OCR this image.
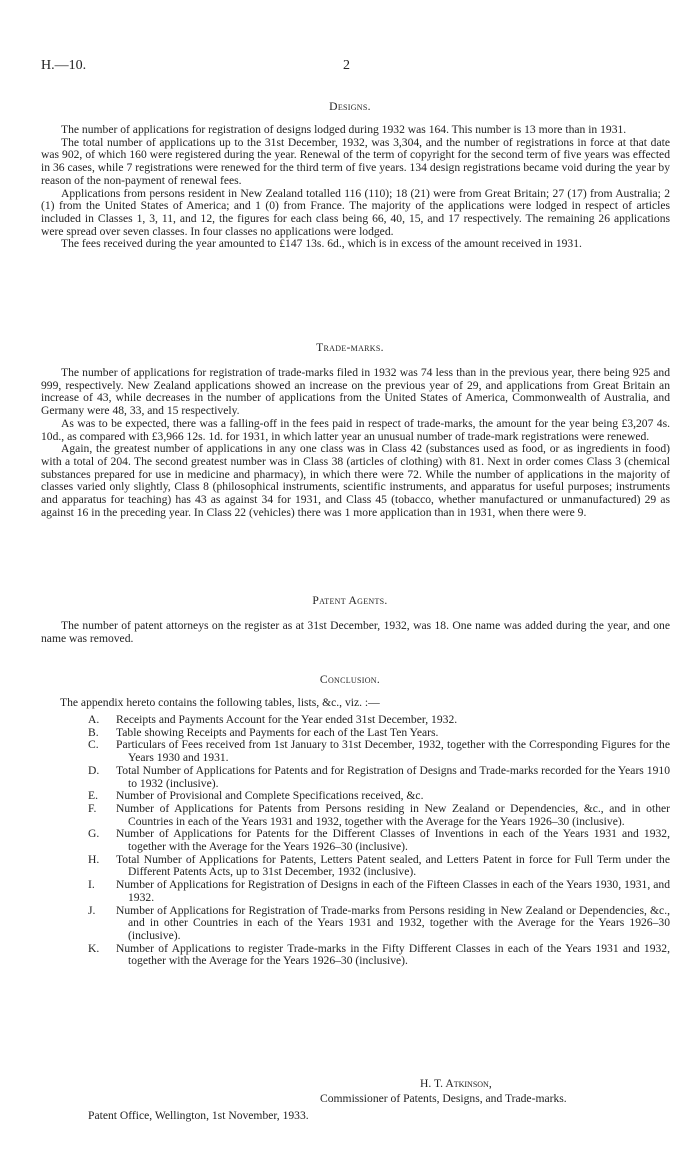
H.—10.	2
Designs.

The number of applications for registration of designs lodged during 1932 was 164. This number is 13 more than in 1931.

The total number of applications up to the 31st December, 1932, was 3,304, and the number of registrations in force at that date was 902, of which 160 were registered during the year. Renewal of the term of copyright for the second term of five years was effected in 36 cases, while 7 registrations were renewed for the third term of five years. 134 design registrations became void during the year by reason of the non-payment of renewal fees.

Applications from persons resident in New Zealand totalled 116 (110); 18 (21) were from Great Britain; 27 (17) from Australia; 2 (1) from the United States of America; and 1 (0) from France. The majority of the applications were lodged in respect of articles included in Classes 1, 3, 11, and 12, the figures for each class being 66, 40, 15, and 17 respectively. The remaining 26 applications were spread over seven classes. In four classes no applications were lodged.

The fees received during the year amounted to £147 13s. 6d., which is in excess of the amount received in 1931.

Trade-marks.

The number of applications for registration of trade-marks filed in 1932 was 74 less than in the previous year, there being 925 and 999, respectively. New Zealand applications showed an increase on the previous year of 29, and applications from Great Britain an increase of 43, while decreases in the number of applications from the United States of America, Commonwealth of Australia, and Germany were 48, 33, and 15 respectively.

As was to be expected, there was a falling-off in the fees paid in respect of trade-marks, the amount for the year being £3,207 4s. 10d., as compared with £3,966 12s. 1d. for 1931, in which latter year an unusual number of trade-mark registrations were renewed.

Again, the greatest number of applications in any one class was in Class 42 (substances used as food, or as ingredients in food) with a total of 204. The second greatest number was in Class 38 (articles of clothing) with 81. Next in order comes Class 3 (chemical substances prepared for use in medicine and pharmacy), in which there were 72. While the number of applications in the majority of classes varied only slightly, Class 8 (philosophical instruments, scientific instruments, and apparatus for useful purposes; instruments and apparatus for teaching) has 43 as against 34 for 1931, and Class 45 (tobacco, whether manufactured or unmanufactured) 29 as against 16 in the preceding year. In Class 22 (vehicles) there was 1 more application than in 1931, when there were 9.

Patent Agents.

The number of patent attorneys on the register as at 31st December, 1932, was 18. One name was added during the year, and one name was removed.

Conclusion.
The appendix hereto contains the following tables, lists, &c., viz. :—
A.	Receipts and Payments Account for the Year ended 31st December, 1932.
B.	Table showing Receipts and Payments for each of the Last Ten Years.
C.	Particulars of Fees received from 1st January to 31st December, 1932, together with the Corresponding Figures for the Years 1930 and 1931.
D.	Total Number of Applications for Patents and for Registration of Designs and Trade-marks recorded for the Years 1910 to 1932 (inclusive).
E.	Number of Provisional and Complete Specifications received, &c.
F.	Number of Applications for Patents from Persons residing in New Zealand or Dependencies, &c., and in other Countries in each of the Years 1931 and 1932, together with the Average for the Years 1926–30 (inclusive).
G.	Number of Applications for Patents for the Different Classes of Inventions in each of the Years 1931 and 1932, together with the Average for the Years 1926–30 (inclusive).
H.	Total Number of Applications for Patents, Letters Patent sealed, and Letters Patent in force for Full Term under the Different Patents Acts, up to 31st December, 1932 (inclusive).
I.	Number of Applications for Registration of Designs in each of the Fifteen Classes in each of the Years 1930, 1931, and 1932.
J.	Number of Applications for Registration of Trade-marks from Persons residing in New Zealand or Dependencies, &c., and in other Countries in each of the Years 1931 and 1932, together with the Average for the Years 1926–30 (inclusive).
K.	Number of Applications to register Trade-marks in the Fifty Different Classes in each of the Years 1931 and 1932, together with the Average for the Years 1926–30 (inclusive).
H. T. Atkinson,
Commissioner of Patents, Designs, and Trade-marks.
Patent Office, Wellington, 1st November, 1933.
